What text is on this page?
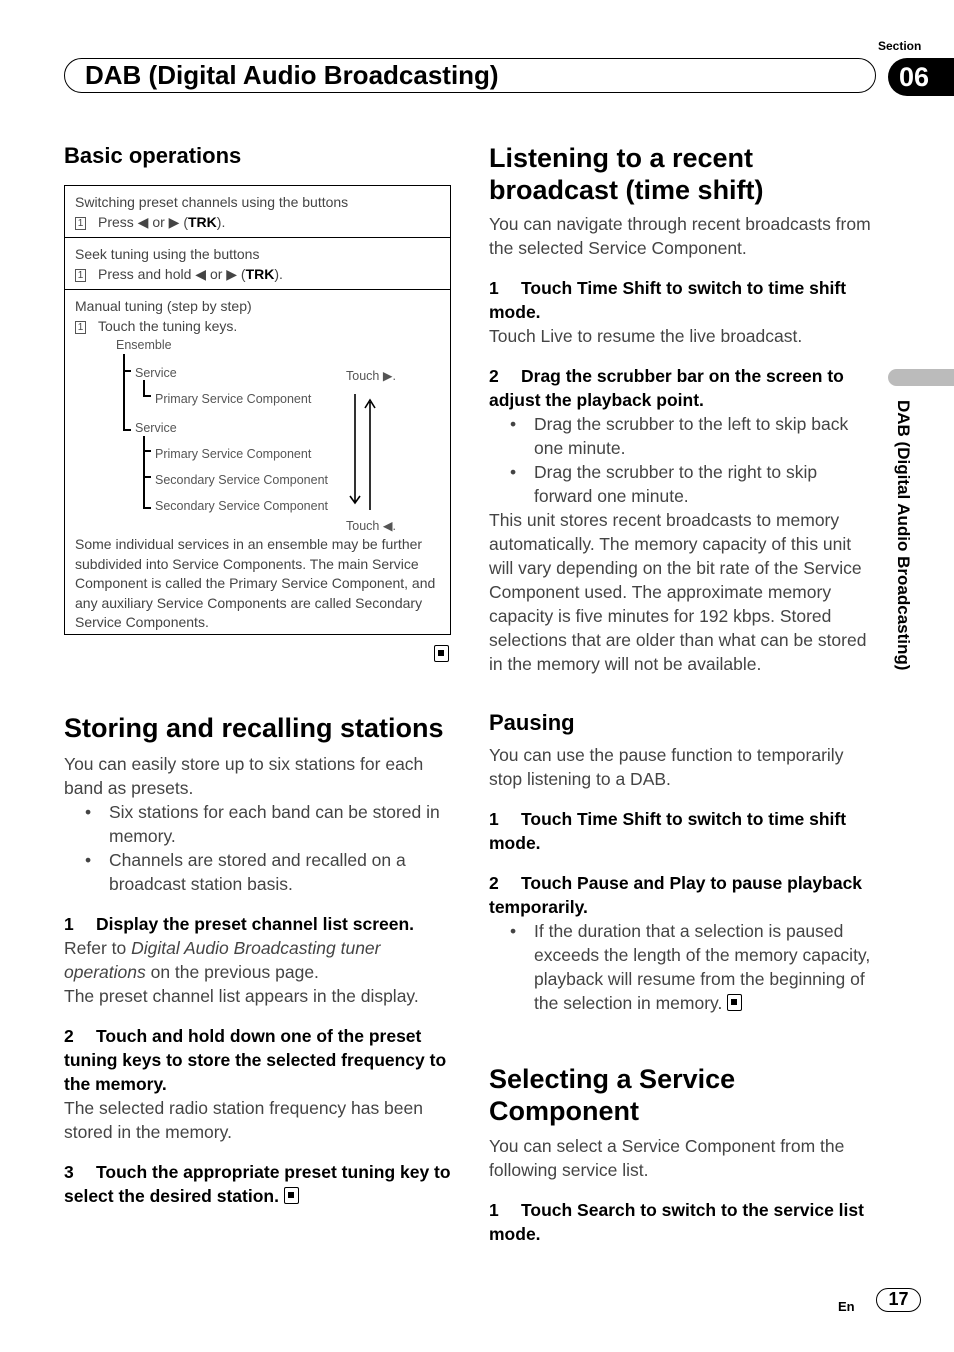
DAB (Digital Audio Broadcasting)
Section
06
Basic operations
Switching preset channels using the buttons
1 Press ◀ or ▶ (TRK).
Seek tuning using the buttons
1 Press and hold ◀ or ▶ (TRK).
Manual tuning (step by step)
1 Touch the tuning keys.
Ensemble
Service
Primary Service Component
Service
Primary Service Component
Secondary Service Component
Secondary Service Component
Touch ▶.
Touch ◀.
Some individual services in an ensemble may be further subdivided into Service Components. The main Service Component is called the Primary Service Component, and any auxiliary Service Components are called Secondary Service Components.
Storing and recalling stations

You can easily store up to six stations for each band as presets.

• Six stations for each band can be stored in memory.
• Channels are stored and recalled on a broadcast station basis.

1 Display the preset channel list screen.

Refer to Digital Audio Broadcasting tuner operations on the previous page.
The preset channel list appears in the display.

2 Touch and hold down one of the preset tuning keys to store the selected frequency to the memory.

The selected radio station frequency has been stored in the memory.

3 Touch the appropriate preset tuning key to select the desired station.

Listening to a recent broadcast (time shift)

You can navigate through recent broadcasts from the selected Service Component.

1 Touch Time Shift to switch to time shift mode.

Touch Live to resume the live broadcast.

2 Drag the scrubber bar on the screen to adjust the playback point.

• Drag the scrubber to the left to skip back one minute.
• Drag the scrubber to the right to skip forward one minute.

This unit stores recent broadcasts to memory automatically. The memory capacity of this unit will vary depending on the bit rate of the Service Component used. The approximate memory capacity is five minutes for 192 kbps. Stored selections that are older than what can be stored in the memory will not be available.

Pausing

You can use the pause function to temporarily stop listening to a DAB.

1 Touch Time Shift to switch to time shift mode.

2 Touch Pause and Play to pause playback temporarily.

• If the duration that a selection is paused exceeds the length of the memory capacity, playback will resume from the beginning of the selection in memory.
Selecting a Service Component

You can select a Service Component from the following service list.

1 Touch Search to switch to the service list mode.

DAB (Digital Audio Broadcasting)
En	17
